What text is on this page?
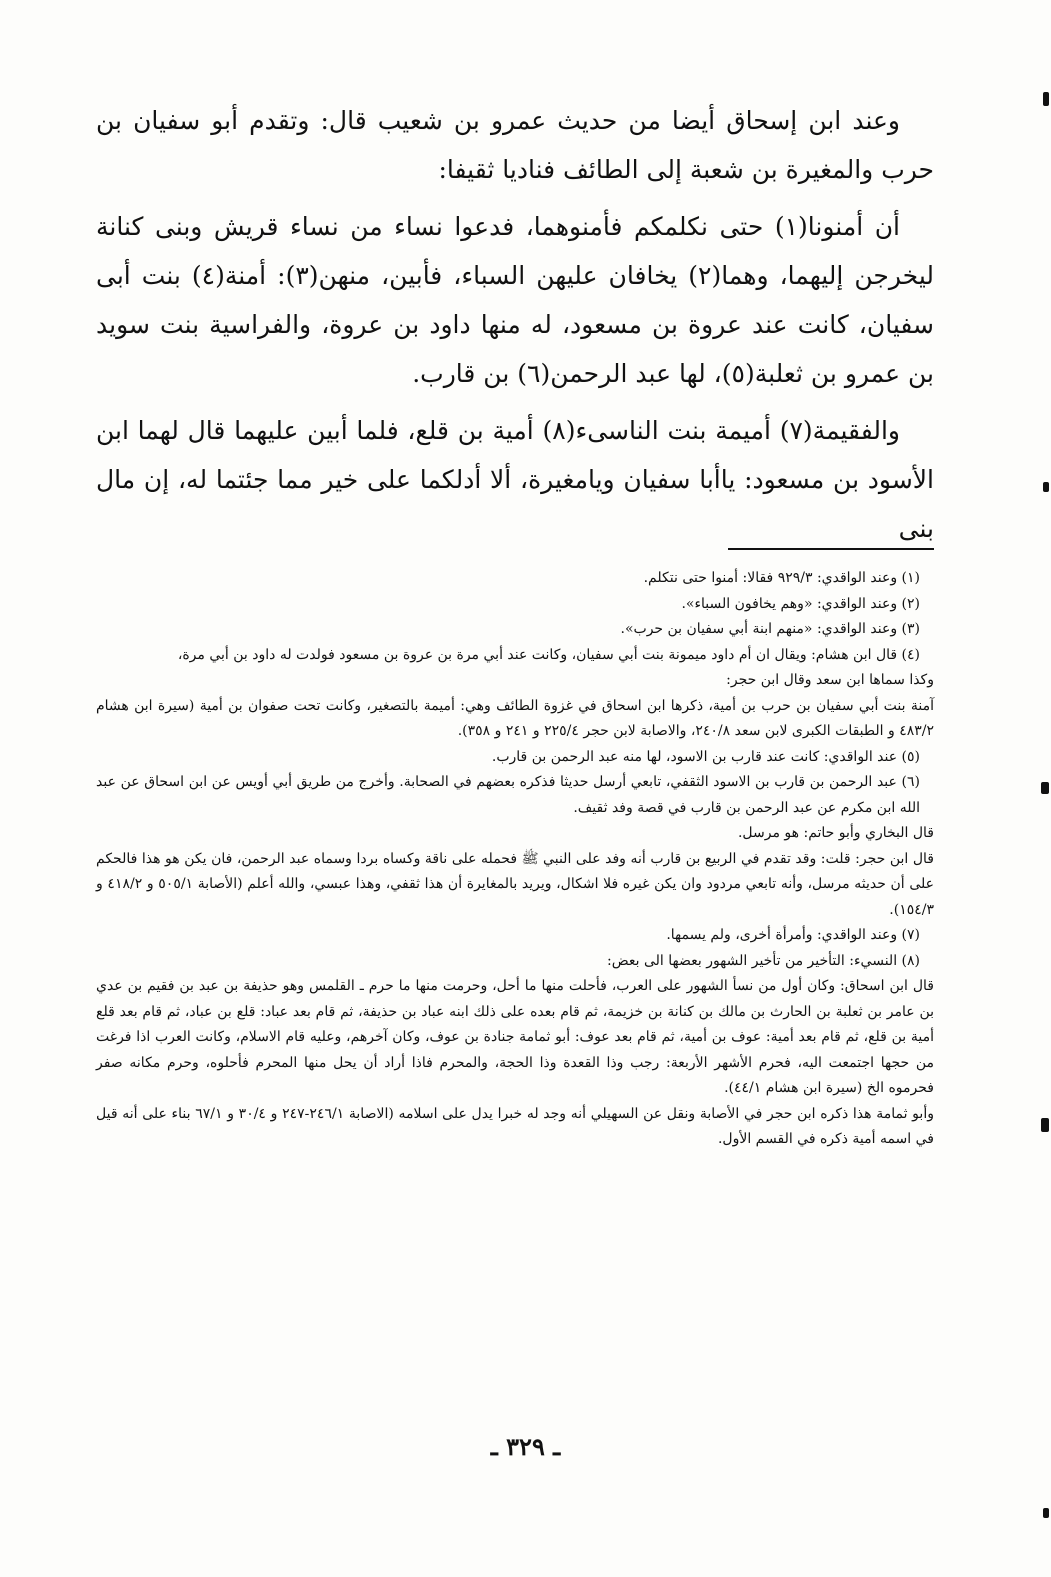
وعند ابن إسحاق أيضا من حديث عمرو بن شعيب قال: وتقدم أبو سفيان بن حرب والمغيرة بن شعبة إلى الطائف فناديا ثقيفا:

أن أمنونا(١) حتى نكلمكم فأمنوهما، فدعوا نساء من نساء قريش وبنى كنانة ليخرجن إليهما، وهما(٢) يخافان عليهن السباء، فأبين، منهن(٣): أمنة(٤) بنت أبى سفيان، كانت عند عروة بن مسعود، له منها داود بن عروة، والفراسية بنت سويد بن عمرو بن ثعلبة(٥)، لها عبد الرحمن(٦) بن قارب.

والفقيمة(٧) أميمة بنت الناسىء(٨) أمية بن قلع، فلما أبين عليهما قال لهما ابن الأسود بن مسعود: ياأبا سفيان ويامغيرة، ألا أدلكما على خير مما جئتما له، إن مال بنى

(١) وعند الواقدي: ٩٢٩/٣ فقالا: أمنوا حتى نتكلم.

(٢) وعند الواقدي: «وهم يخافون السباء».

(٣) وعند الواقدي: «منهم ابنة أبي سفيان بن حرب».

(٤) قال ابن هشام: ويقال ان أم داود ميمونة بنت أبي سفيان، وكانت عند أبي مرة بن عروة بن مسعود فولدت له داود بن أبي مرة،

وكذا سماها ابن سعد وقال ابن حجر:

آمنة بنت أبي سفيان بن حرب بن أمية، ذكرها ابن اسحاق في غزوة الطائف وهي: أميمة بالتصغير، وكانت تحت صفوان بن أمية (سيرة ابن هشام ٤٨٣/٢ و الطبقات الكبرى لابن سعد ٢٤٠/٨، والاصابة لابن حجر ٢٢٥/٤ و ٢٤١ و ٣٥٨).

(٥) عند الواقدي: كانت عند قارب بن الاسود، لها منه عبد الرحمن بن قارب.

(٦) عبد الرحمن بن قارب بن الاسود الثقفي، تابعي أرسل حديثا فذكره بعضهم في الصحابة. وأخرج من طريق أبي أويس عن ابن اسحاق عن عبد الله ابن مكرم عن عبد الرحمن بن قارب في قصة وفد ثقيف.

قال البخاري وأبو حاتم: هو مرسل.

قال ابن حجر: قلت: وقد تقدم في الربيع بن قارب أنه وفد على النبي ﷺ فحمله على ناقة وكساه بردا وسماه عبد الرحمن، فان يكن هو هذا فالحكم على أن حديثه مرسل، وأنه تابعي مردود وان يكن غيره فلا اشكال، ويريد بالمغايرة أن هذا ثقفي، وهذا عبسي، والله أعلم (الأصابة ٥٠٥/١ و ٤١٨/٢ و ١٥٤/٣).

(٧) وعند الواقدي: وأمرأة أخرى، ولم يسمها.

(٨) النسيء: التأخير من تأخير الشهور بعضها الى بعض:

قال ابن اسحاق: وكان أول من نسأ الشهور على العرب، فأحلت منها ما أحل، وحرمت منها ما حرم ـ القلمس وهو حذيفة بن عبد بن فقيم بن عدي بن عامر بن ثعلبة بن الحارث بن مالك بن كنانة بن خزيمة، ثم قام بعده على ذلك ابنه عباد بن حذيفة، ثم قام بعد عباد: قلع بن عباد، ثم قام بعد قلع أمية بن قلع، ثم قام بعد أمية: عوف بن أمية، ثم قام بعد عوف: أبو ثمامة جنادة بن عوف، وكان آخرهم، وعليه قام الاسلام، وكانت العرب اذا فرغت من حجها اجتمعت اليه، فحرم الأشهر الأربعة: رجب وذا القعدة وذا الحجة، والمحرم فاذا أراد أن يحل منها المحرم فأحلوه، وحرم مكانه صفر فحرموه الخ (سيرة ابن هشام ٤٤/١).

وأبو ثمامة هذا ذكره ابن حجر في الأصابة ونقل عن السهيلي أنه وجد له خبرا يدل على اسلامه (الاصابة ٢٤٦/١-٢٤٧ و ٣٠/٤ و ٦٧/١ بناء على أنه قيل في اسمه أمية ذكره في القسم الأول.

ـ ٣٢٩ ـ
